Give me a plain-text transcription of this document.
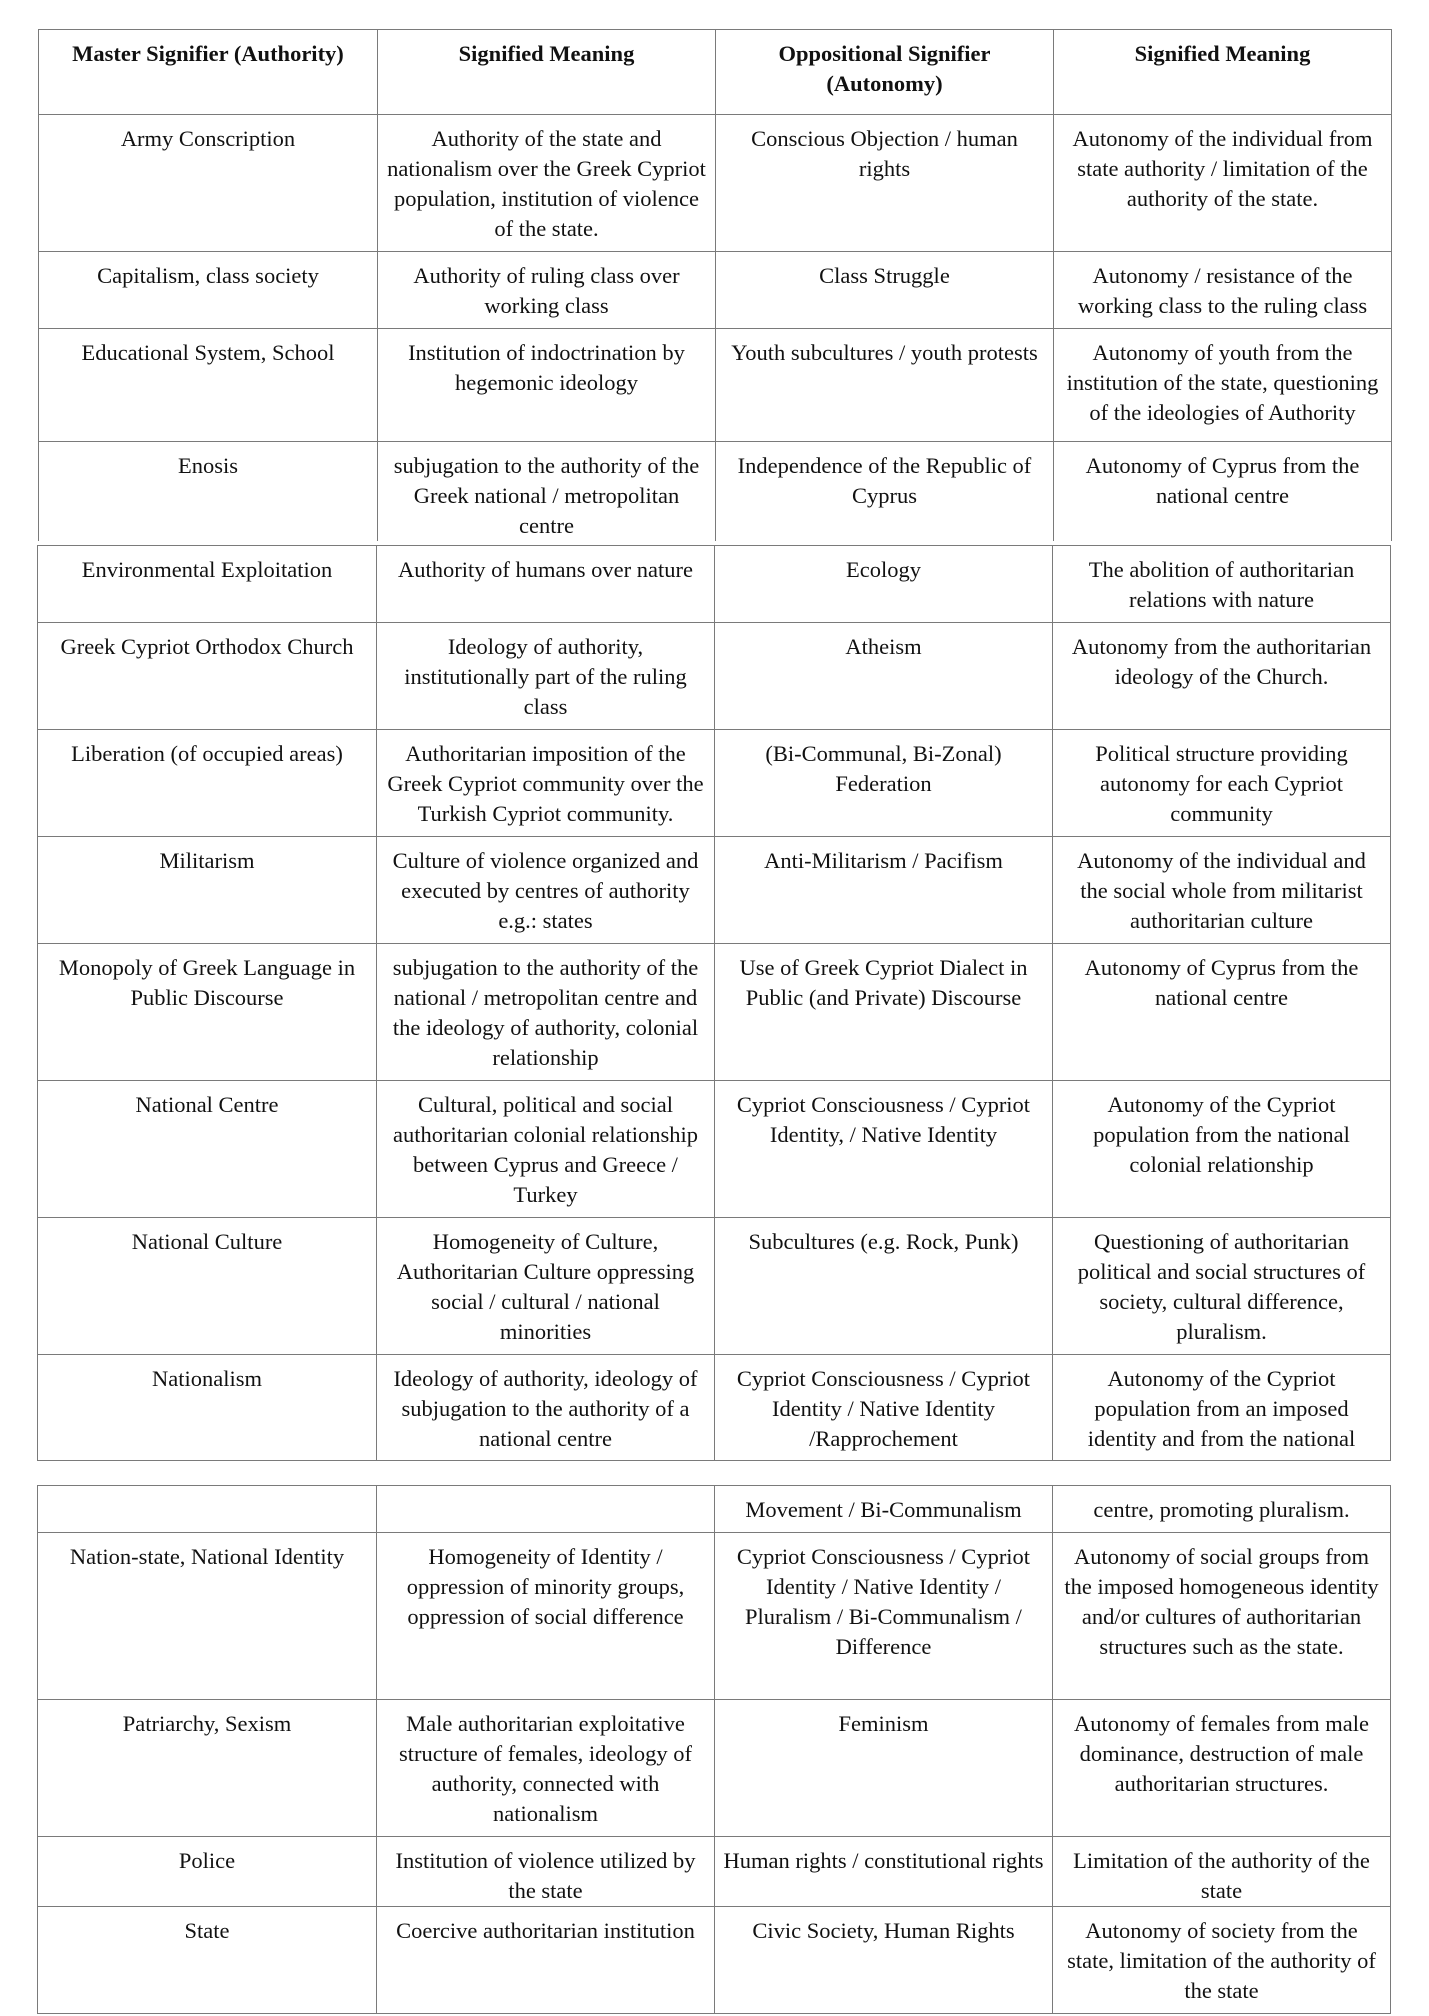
Master Signifier (Authority)	Signified Meaning	Oppositional Signifier (Autonomy)	Signified Meaning
Army Conscription	Authority of the state and nationalism over the Greek Cypriot population, institution of violence of the state.	Conscious Objection / human rights	Autonomy of the individual from state authority / limitation of the authority of the state.
Capitalism, class society	Authority of ruling class over working class	Class Struggle	Autonomy / resistance of the working class to the ruling class
Educational System, School	Institution of indoctrination by hegemonic ideology	Youth subcultures / youth protests	Autonomy of youth from the institution of the state, questioning of the ideologies of Authority
Enosis	subjugation to the authority of the Greek national / metropolitan centre	Independence of the Republic of Cyprus	Autonomy of Cyprus from the national centre
Environmental Exploitation	Authority of humans over nature	Ecology	The abolition of authoritarian relations with nature
Greek Cypriot Orthodox Church	Ideology of authority, institutionally part of the ruling class	Atheism	Autonomy from the authoritarian ideology of the Church.
Liberation (of occupied areas)	Authoritarian imposition of the Greek Cypriot community over the Turkish Cypriot community.	(Bi-Communal, Bi-Zonal) Federation	Political structure providing autonomy for each Cypriot community
Militarism	Culture of violence organized and executed by centres of authority e.g.: states	Anti-Militarism / Pacifism	Autonomy of the individual and the social whole from militarist authoritarian culture
Monopoly of Greek Language in Public Discourse	subjugation to the authority of the national / metropolitan centre and the ideology of authority, colonial relationship	Use of Greek Cypriot Dialect in Public (and Private) Discourse	Autonomy of Cyprus from the national centre
National Centre	Cultural, political and social authoritarian colonial relationship between Cyprus and Greece / Turkey	Cypriot Consciousness / Cypriot Identity, / Native Identity	Autonomy of the Cypriot population from the national colonial relationship
National Culture	Homogeneity of Culture, Authoritarian Culture oppressing social / cultural / national minorities	Subcultures (e.g. Rock, Punk)	Questioning of authoritarian political and social structures of society, cultural difference, pluralism.
Nationalism	Ideology of authority, ideology of subjugation to the authority of a national centre	Cypriot Consciousness / Cypriot Identity / Native Identity /Rapprochement	Autonomy of the Cypriot population from an imposed identity and from the national
		Movement / Bi-Communalism	centre, promoting pluralism.
Nation-state, National Identity	Homogeneity of Identity / oppression of minority groups, oppression of social difference	Cypriot Consciousness / Cypriot Identity / Native Identity / Pluralism / Bi-Communalism / Difference	Autonomy of social groups from the imposed homogeneous identity and/or cultures of authoritarian structures such as the state.
Patriarchy, Sexism	Male authoritarian exploitative structure of females, ideology of authority, connected with nationalism	Feminism	Autonomy of females from male dominance, destruction of male authoritarian structures.
Police	Institution of violence utilized by the state	Human rights / constitutional rights	Limitation of the authority of the state
State	Coercive authoritarian institution	Civic Society, Human Rights	Autonomy of society from the state, limitation of the authority of the state
